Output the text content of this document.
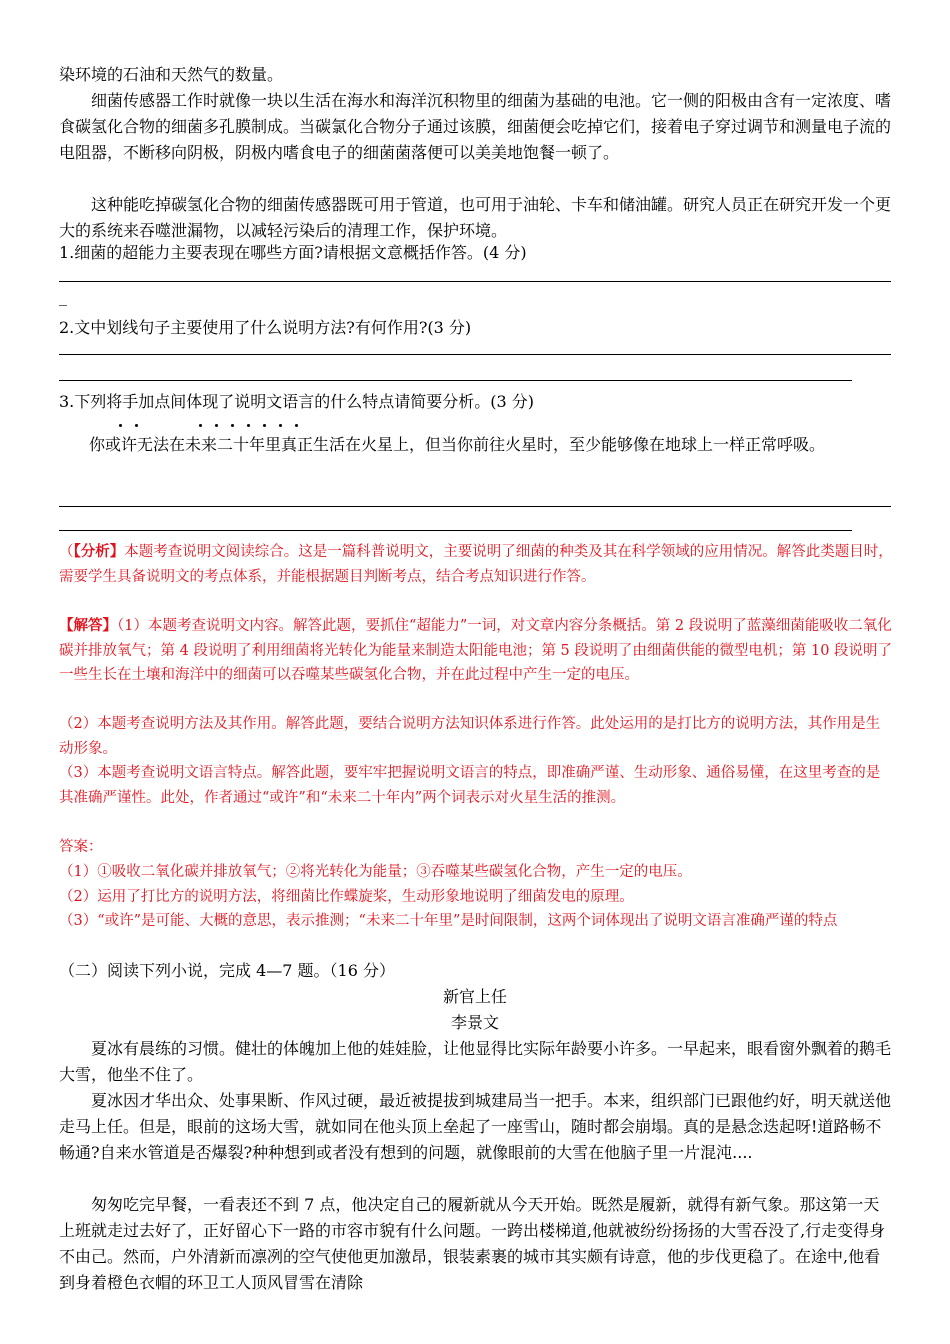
染环境的石油和天然气的数量。

细菌传感器工作时就像一块以生活在海水和海洋沉积物里的细菌为基础的电池。它一侧的阳极由含有一定浓度、嗜食碳氢化合物的细菌多孔膜制成。当碳氯化合物分子通过该膜，细菌便会吃掉它们，接着电子穿过调节和测量电子流的电阻器，不断移向阴极，阴极内嗜食电子的细菌菌落便可以美美地饱餐一顿了。

这种能吃掉碳氢化合物的细菌传感器既可用于管道，也可用于油轮、卡车和储油罐。研究人员正在研究开发一个更大的系统来吞噬泄漏物，以减轻污染后的清理工作，保护环境。

1.细菌的超能力主要表现在哪些方面?请根据文意概括作答。(4 分)

_

2.文中划线句子主要使用了什么说明方法?有何作用?(3 分)

3.下列将手加点间体现了说明文语言的什么特点请简要分析。(3 分)

你或许无法在未来二十年里真正生活在火星上，但当你前往火星时，至少能够像在地球上一样正常呼吸。

（【分析】本题考查说明文阅读综合。这是一篇科普说明文，主要说明了细菌的种类及其在科学领域的应用情况。解答此类题目时，需要学生具备说明文的考点体系，并能根据题目判断考点，结合考点知识进行作答。

【解答】（1）本题考查说明文内容。解答此题，要抓住“超能力”一词，对文章内容分条概括。第 2 段说明了蓝藻细菌能吸收二氧化碳并排放氧气；第 4 段说明了利用细菌将光转化为能量来制造太阳能电池；第 5 段说明了由细菌供能的微型电机；第 10 段说明了一些生长在土壤和海洋中的细菌可以吞噬某些碳氢化合物，并在此过程中产生一定的电压。

（2）本题考查说明方法及其作用。解答此题，要结合说明方法知识体系进行作答。此处运用的是打比方的说明方法，其作用是生动形象。

（3）本题考查说明文语言特点。解答此题，要牢牢把握说明文语言的特点，即准确严谨、生动形象、通俗易懂，在这里考查的是其准确严谨性。此处，作者通过“或许”和“未来二十年内”两个词表示对火星生活的推测。

答案：

（1）①吸收二氧化碳并排放氧气；②将光转化为能量；③吞噬某些碳氢化合物，产生一定的电压。

（2）运用了打比方的说明方法，将细菌比作蝶旋桨，生动形象地说明了细菌发电的原理。

（3）“或许”是可能、大概的意思，表示推测；“未来二十年里”是时间限制，这两个词体现出了说明文语言准确严谨的特点

（二）阅读下列小说，完成 4—7 题。（16 分）

新官上任

李景文

夏冰有晨练的习惯。健壮的体魄加上他的娃娃脸，让他显得比实际年龄要小许多。一早起来，眼看窗外飘着的鹅毛大雪，他坐不住了。

夏冰因才华出众、处事果断、作风过硬，最近被提拔到城建局当一把手。本来，组织部门已跟他约好，明天就送他走马上任。但是，眼前的这场大雪，就如同在他头顶上垒起了一座雪山，随时都会崩塌。真的是悬念迭起呀!道路畅不畅通?自来水管道是否爆裂?种种想到或者没有想到的问题，就像眼前的大雪在他脑子里一片混沌....

匆匆吃完早餐，一看表还不到 7 点，他决定自己的履新就从今天开始。既然是履新，就得有新气象。那这第一天上班就走过去好了，正好留心下一路的市容市貌有什么问题。一跨出楼梯道,他就被纷纷扬扬的大雪吞没了,行走变得身不由己。然而，户外清新而凛冽的空气使他更加激昂，银装素裹的城市其实颇有诗意，他的步伐更稳了。在途中,他看到身着橙色衣帽的环卫工人顶风冒雪在清除
